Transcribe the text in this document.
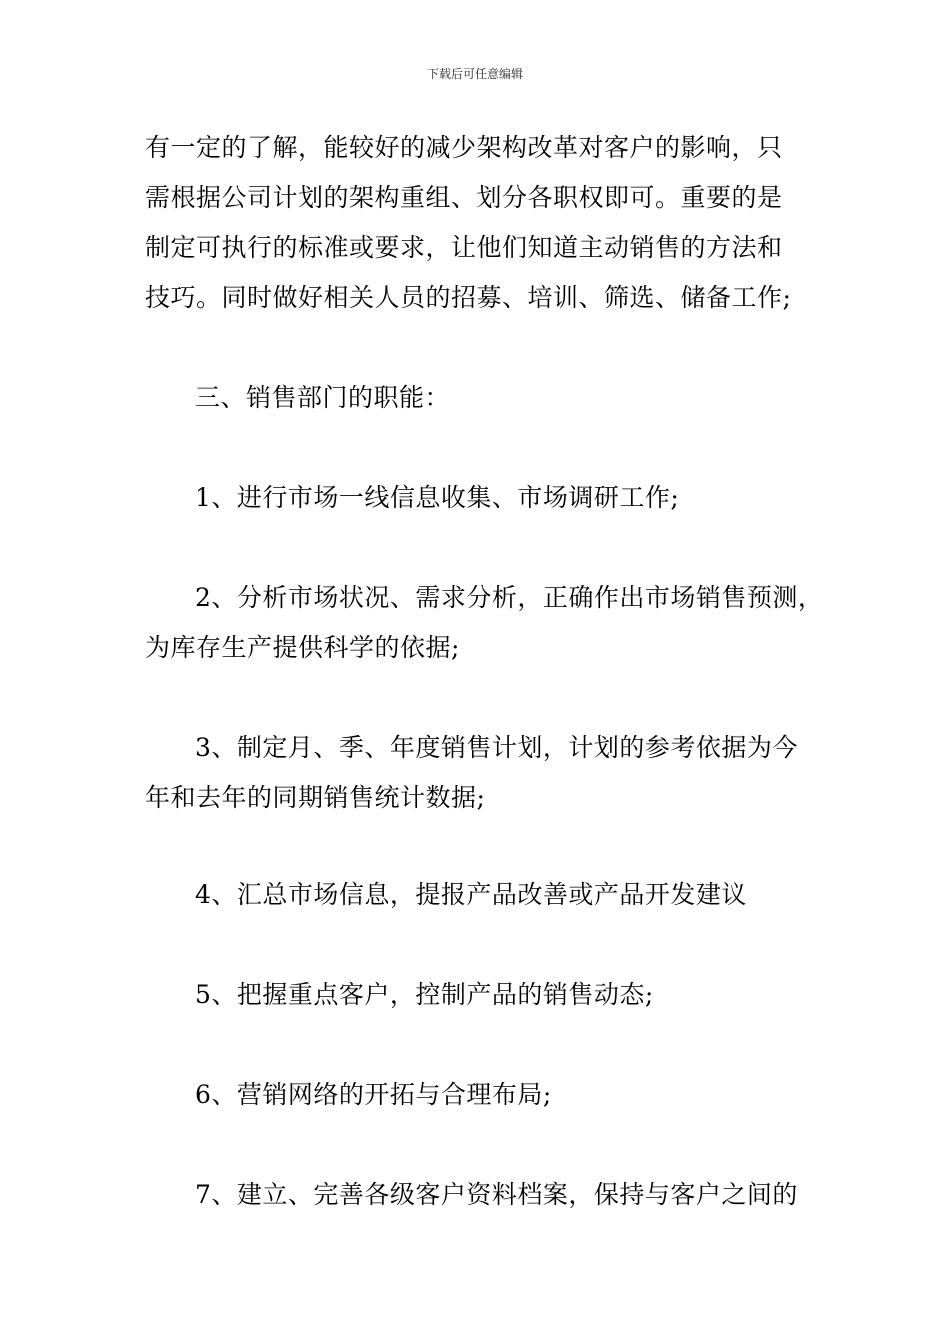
下载后可任意编辑
有一定的了解，能较好的减少架构改革对客户的影响，只
需根据公司计划的架构重组、划分各职权即可。重要的是
制定可执行的标准或要求，让他们知道主动销售的方法和
技巧。同时做好相关人员的招募、培训、筛选、储备工作;
三、销售部门的职能：
1、进行市场一线信息收集、市场调研工作;
2、分析市场状况、需求分析，正确作出市场销售预测，
为库存生产提供科学的依据;
3、制定月、季、年度销售计划，计划的参考依据为今
年和去年的同期销售统计数据;
4、汇总市场信息，提报产品改善或产品开发建议
5、把握重点客户，控制产品的销售动态;
6、营销网络的开拓与合理布局;
7、建立、完善各级客户资料档案，保持与客户之间的
